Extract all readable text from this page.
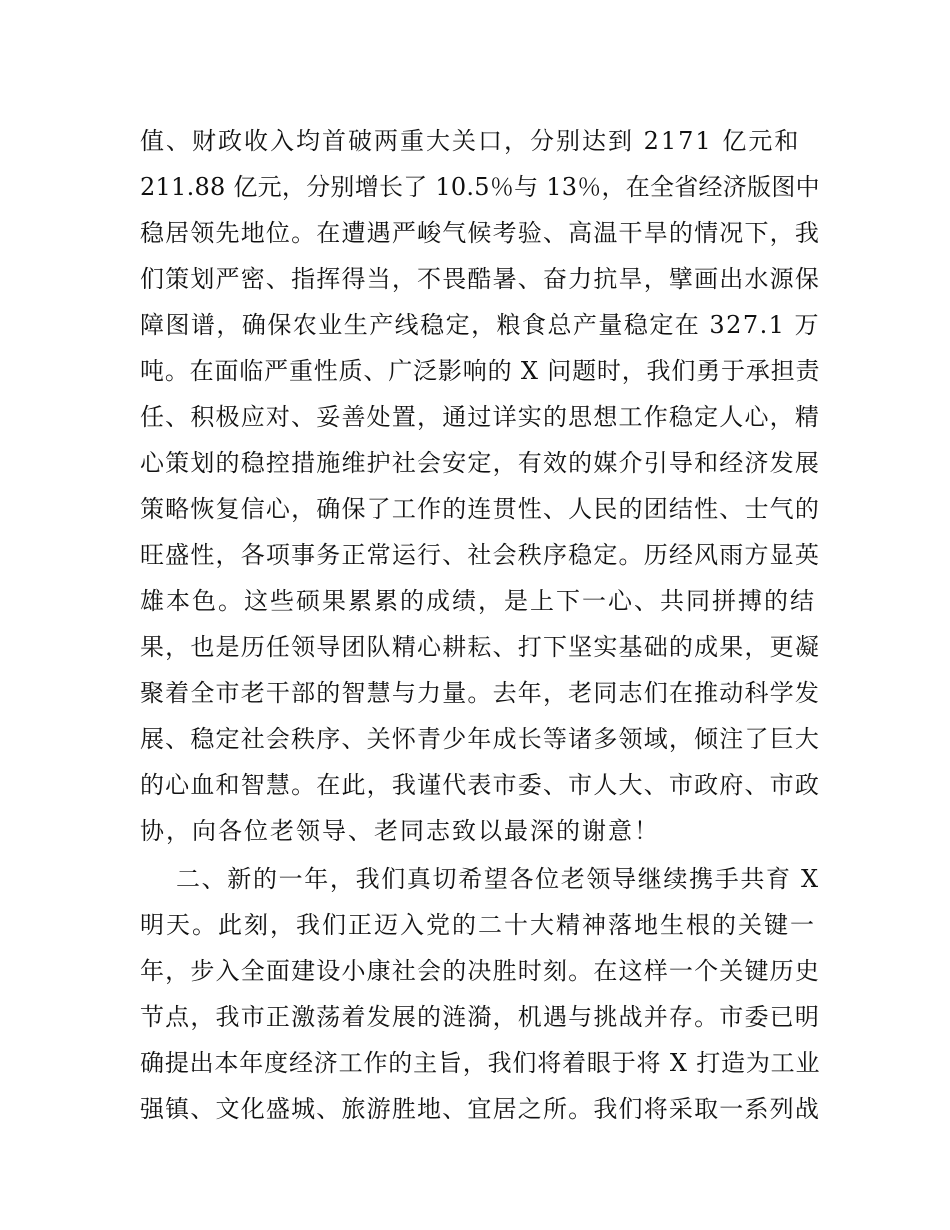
值、财政收入均首破两重大关口，分别达到 2171 亿元和
211.88 亿元，分别增长了 10.5％与 13％，在全省经济版图中
稳居领先地位。在遭遇严峻气候考验、高温干旱的情况下，我
们策划严密、指挥得当，不畏酷暑、奋力抗旱，擘画出水源保
障图谱，确保农业生产线稳定，粮食总产量稳定在 327.1 万
吨。在面临严重性质、广泛影响的 X 问题时，我们勇于承担责
任、积极应对、妥善处置，通过详实的思想工作稳定人心，精
心策划的稳控措施维护社会安定，有效的媒介引导和经济发展
策略恢复信心，确保了工作的连贯性、人民的团结性、士气的
旺盛性，各项事务正常运行、社会秩序稳定。历经风雨方显英
雄本色。这些硕果累累的成绩，是上下一心、共同拼搏的结
果，也是历任领导团队精心耕耘、打下坚实基础的成果，更凝
聚着全市老干部的智慧与力量。去年，老同志们在推动科学发
展、稳定社会秩序、关怀青少年成长等诸多领域，倾注了巨大
的心血和智慧。在此，我谨代表市委、市人大、市政府、市政
协，向各位老领导、老同志致以最深的谢意！
二、新的一年，我们真切希望各位老领导继续携手共育 X
明天。此刻，我们正迈入党的二十大精神落地生根的关键一
年，步入全面建设小康社会的决胜时刻。在这样一个关键历史
节点，我市正激荡着发展的涟漪，机遇与挑战并存。市委已明
确提出本年度经济工作的主旨，我们将着眼于将 X 打造为工业
强镇、文化盛城、旅游胜地、宜居之所。我们将采取一系列战
